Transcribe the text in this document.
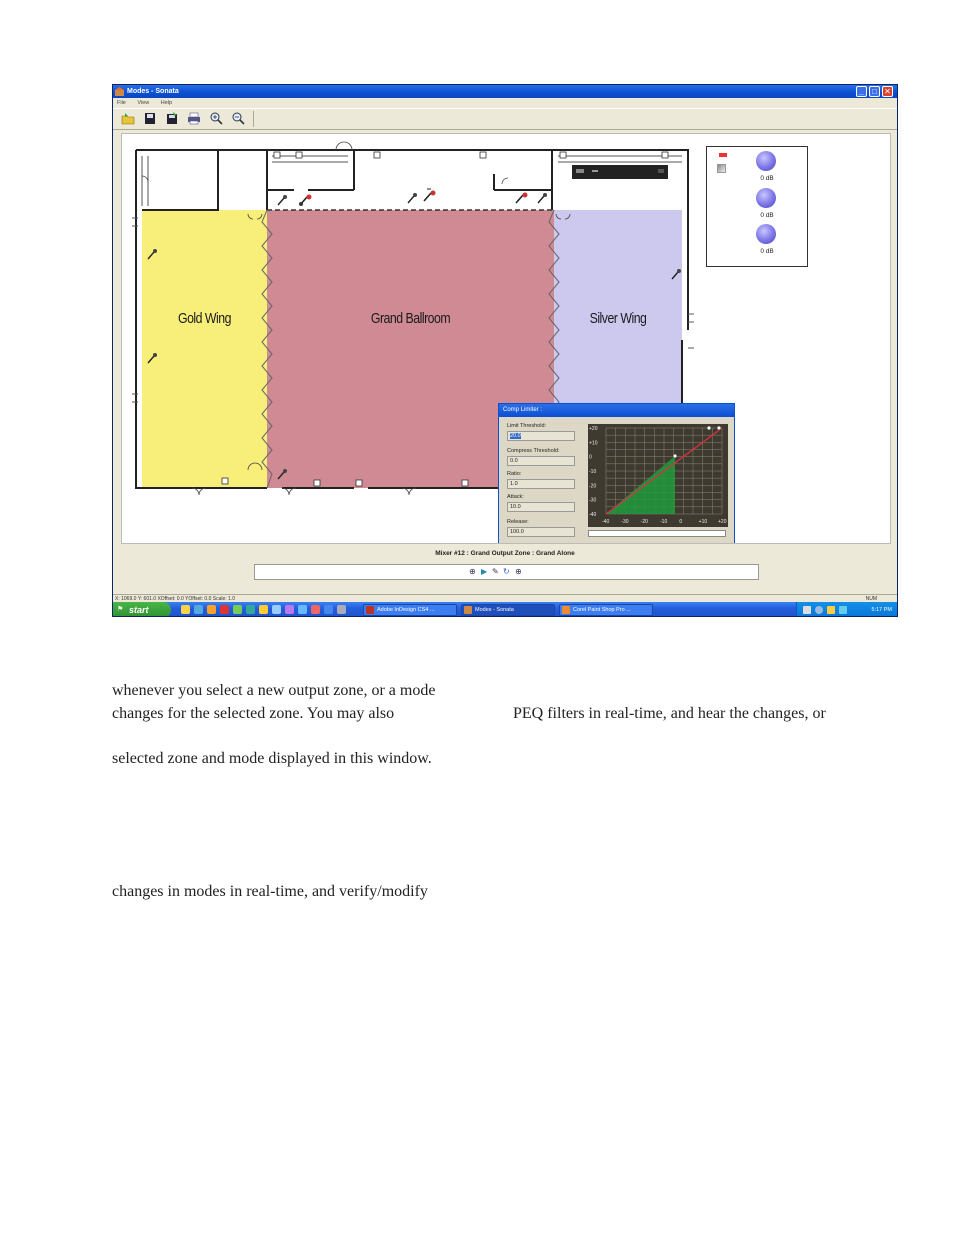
Modes - Sonata	_	□ ✕
File View Help
Gold Wing	Grand Ballroom	Silver Wing
0 dB
0 dB
0 dB
Comp Limiter :
Limit Threshold:
20.0
Compress Threshold:
0.0
Ratio:
1.0
Attack:
10.0
Release:
100.0
+20
+10
0
-10
-20
-30
-40
-40 -30 -20 -10 0	+10 +20
Mixer #12 : Grand Output Zone : Grand Alone
⊕ ▶ ✎ ↻ ⊕
X: 1069.0 Y: 601.0 XOffset: 0.0 YOffset: 0.0 Scale: 1.0	NUM
⚑ start	Adobe InDesign CS4 ...	Modes - Sonata	Corel Paint Shop Pro ...	5:17 PM
whenever you select a new output zone, or a mode
changes for the selected zone. You may also	PEQ filters in real-time, and hear the changes, or
selected zone and mode displayed in this window.
changes in modes in real-time, and verify/modify
